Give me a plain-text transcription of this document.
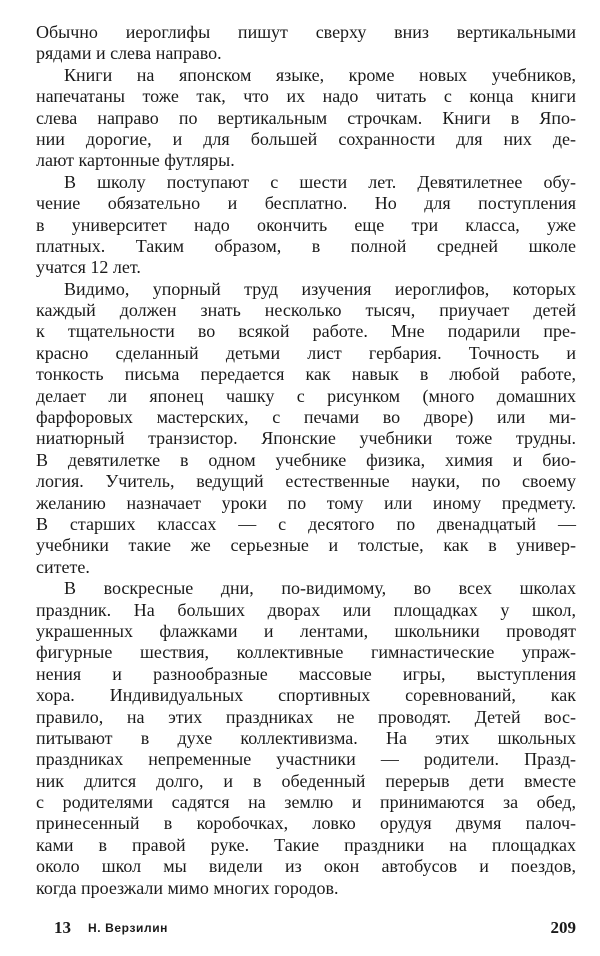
Обычно иероглифы пишут сверху вниз вертикальными
рядами и слева направо.
Книги на японском языке, кроме новых учебников,
напечатаны тоже так, что их надо читать с конца книги
слева направо по вертикальным строчкам. Книги в Япо-
нии дорогие, и для большей сохранности для них де-
лают картонные футляры.
В школу поступают с шести лет. Девятилетнее обу-
чение обязательно и бесплатно. Но для поступления
в университет надо окончить еще три класса, уже
платных. Таким образом, в полной средней школе
учатся 12 лет.
Видимо, упорный труд изучения иероглифов, которых
каждый должен знать несколько тысяч, приучает детей
к тщательности во всякой работе. Мне подарили пре-
красно сделанный детьми лист гербария. Точность и
тонкость письма передается как навык в любой работе,
делает ли японец чашку с рисунком (много домашних
фарфоровых мастерских, с печами во дворе) или ми-
ниатюрный транзистор. Японские учебники тоже трудны.
В девятилетке в одном учебнике физика, химия и био-
логия. Учитель, ведущий естественные науки, по своему
желанию назначает уроки по тому или иному предмету.
В старших классах — с десятого по двенадцатый —
учебники такие же серьезные и толстые, как в универ-
ситете.
В воскресные дни, по-видимому, во всех школах
праздник. На больших дворах или площадках у школ,
украшенных флажками и лентами, школьники проводят
фигурные шествия, коллективные гимнастические упраж-
нения и разнообразные массовые игры, выступления
хора. Индивидуальных спортивных соревнований, как
правило, на этих праздниках не проводят. Детей вос-
питывают в духе коллективизма. На этих школьных
праздниках непременные участники — родители. Празд-
ник длится долго, и в обеденный перерыв дети вместе
с родителями садятся на землю и принимаются за обед,
принесенный в коробочках, ловко орудуя двумя палоч-
ками в правой руке. Такие праздники на площадках
около школ мы видели из окон автобусов и поездов,
когда проезжали мимо многих городов.
13 Н. Верзилин	209
